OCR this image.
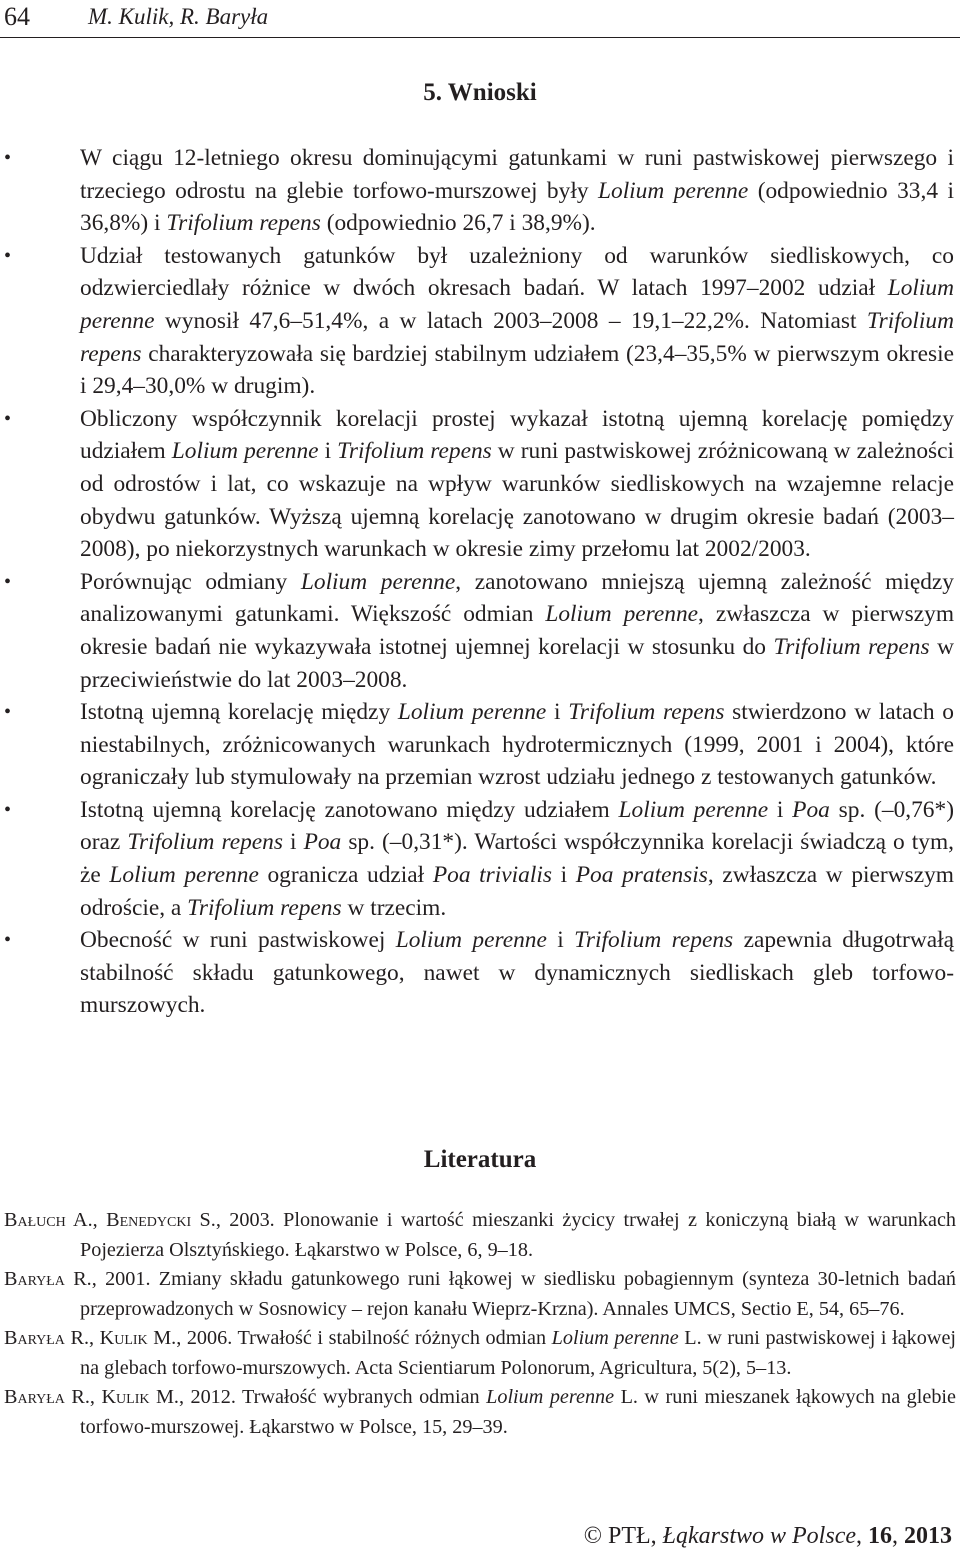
64	M. Kulik, R. Baryła
5. Wnioski
•	W ciągu 12-letniego okresu dominującymi gatunkami w runi pastwiskowej pierwszego i trzeciego odrostu na glebie torfowo-murszowej były Lolium perenne (odpowiednio 33,4 i 36,8%) i Trifolium repens (odpowiednio 26,7 i 38,9%).
•	Udział testowanych gatunków był uzależniony od warunków siedliskowych, co odzwierciedlały różnice w dwóch okresach badań. W latach 1997–2002 udział Lolium perenne wynosił 47,6–51,4%, a w latach 2003–2008 – 19,1–22,2%. Natomiast Trifolium repens charakteryzowała się bardziej stabilnym udziałem (23,4–35,5% w pierwszym okresie i 29,4–30,0% w drugim).
•	Obliczony współczynnik korelacji prostej wykazał istotną ujemną korelację pomiędzy udziałem Lolium perenne i Trifolium repens w runi pastwiskowej zróżnicowaną w zależności od odrostów i lat, co wskazuje na wpływ warunków siedliskowych na wzajemne relacje obydwu gatunków. Wyższą ujemną korelację zanotowano w drugim okresie badań (2003–2008), po niekorzystnych warunkach w okresie zimy przełomu lat 2002/2003.
•	Porównując odmiany Lolium perenne, zanotowano mniejszą ujemną zależność między analizowanymi gatunkami. Większość odmian Lolium perenne, zwłaszcza w pierwszym okresie badań nie wykazywała istotnej ujemnej korelacji w stosunku do Trifolium repens w przeciwieństwie do lat 2003–2008.
•	Istotną ujemną korelację między Lolium perenne i Trifolium repens stwierdzono w latach o niestabilnych, zróżnicowanych warunkach hydrotermicznych (1999, 2001 i 2004), które ograniczały lub stymulowały na przemian wzrost udziału jednego z testowanych gatunków.
•	Istotną ujemną korelację zanotowano między udziałem Lolium perenne i Poa sp. (–0,76*) oraz Trifolium repens i Poa sp. (–0,31*). Wartości współczynnika korelacji świadczą o tym, że Lolium perenne ogranicza udział Poa trivialis i Poa pratensis, zwłaszcza w pierwszym odroście, a Trifolium repens w trzecim.
•	Obecność w runi pastwiskowej Lolium perenne i Trifolium repens zapewnia długotrwałą stabilność składu gatunkowego, nawet w dynamicznych siedliskach gleb torfowo-murszowych.
Literatura
Bałuch A., Benedycki S., 2003. Plonowanie i wartość mieszanki życicy trwałej z koniczyną białą w warunkach Pojezierza Olsztyńskiego. Łąkarstwo w Polsce, 6, 9–18.
Baryła R., 2001. Zmiany składu gatunkowego runi łąkowej w siedlisku pobagiennym (synteza 30-letnich badań przeprowadzonych w Sosnowicy – rejon kanału Wieprz-Krzna). Annales UMCS, Sectio E, 54, 65–76.
Baryła R., Kulik M., 2006. Trwałość i stabilność różnych odmian Lolium perenne L. w runi pastwiskowej i łąkowej na glebach torfowo-murszowych. Acta Scientiarum Polonorum, Agricultura, 5(2), 5–13.
Baryła R., Kulik M., 2012. Trwałość wybranych odmian Lolium perenne L. w runi mieszanek łąkowych na glebie torfowo-murszowej. Łąkarstwo w Polsce, 15, 29–39.
© PTŁ, Łąkarstwo w Polsce, 16, 2013
